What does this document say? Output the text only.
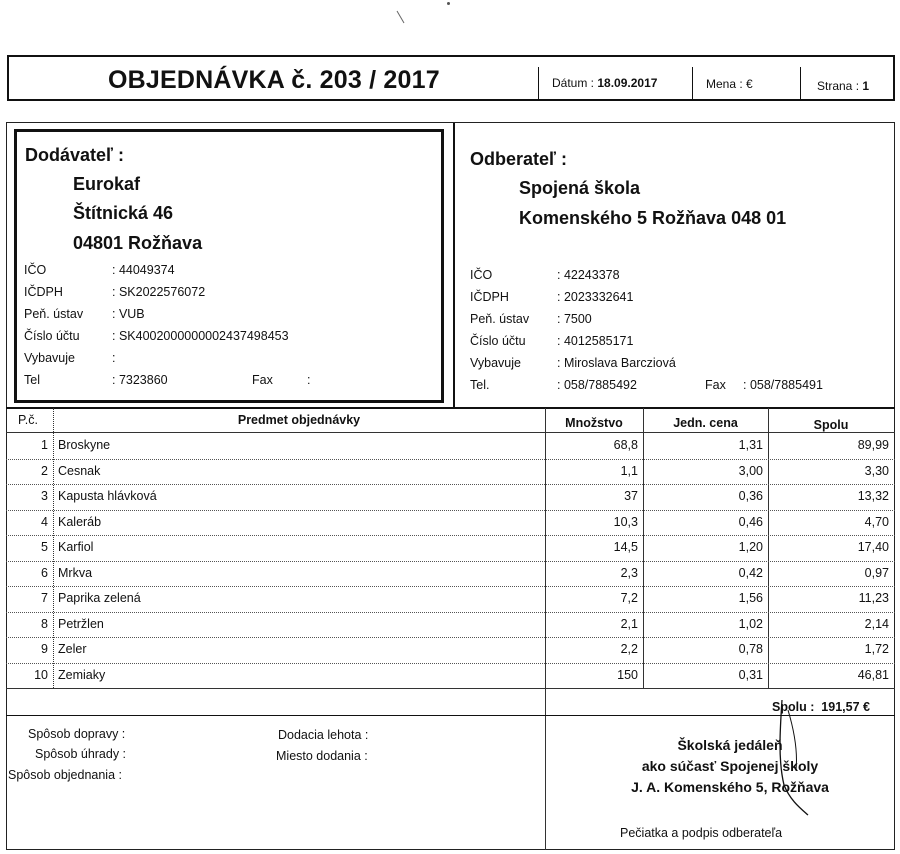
OBJEDNÁVKA č. 203 / 2017	Dátum : 18.09.2017	Mena : €	Strana : 1
Dodávateľ :
Eurokaf
Štítnická 46
04801 Rožňava
IČO	: 44049374
IČDPH	: SK2022576072
Peň. ústav : VUB
Číslo účtu	: SK4002000000002437498453
Vybavuje	:
Tel	: 7323860	Fax	:
Odberateľ :
Spojená škola
Komenského 5 Rožňava 048 01
IČO	: 42243378
IČDPH	: 2023332641
Peň. ústav : 7500
Číslo účtu	: 4012585171
Vybavuje	: Miroslava Barcziová
Tel.	: 058/7885492	Fax : 058/7885491
P.č.	Predmet objednávky	Množstvo	Jedn. cena	Spolu
1 Broskyne	68,8	1,31	89,99
2 Cesnak	1,1	3,00	3,30
3 Kapusta hlávková	37	0,36	13,32
4 Kaleráb	10,3	0,46	4,70
5 Karfiol	14,5	1,20	17,40
6 Mrkva	2,3	0,42	0,97
7 Paprika zelená	7,2	1,56	11,23
8 Petržlen	2,1	1,02	2,14
9 Zeler	2,2	0,78	1,72
10 Zemiaky	150	0,31	46,81
Spolu :  191,57 €
Spôsob dopravy :
Spôsob úhrady :
Spôsob objednania :
Dodacia lehota :
Miesto dodania :
Školská jedáleň
ako súčasť Spojenej školy
J. A. Komenského 5, Rožňava
Pečiatka a podpis odberateľa
